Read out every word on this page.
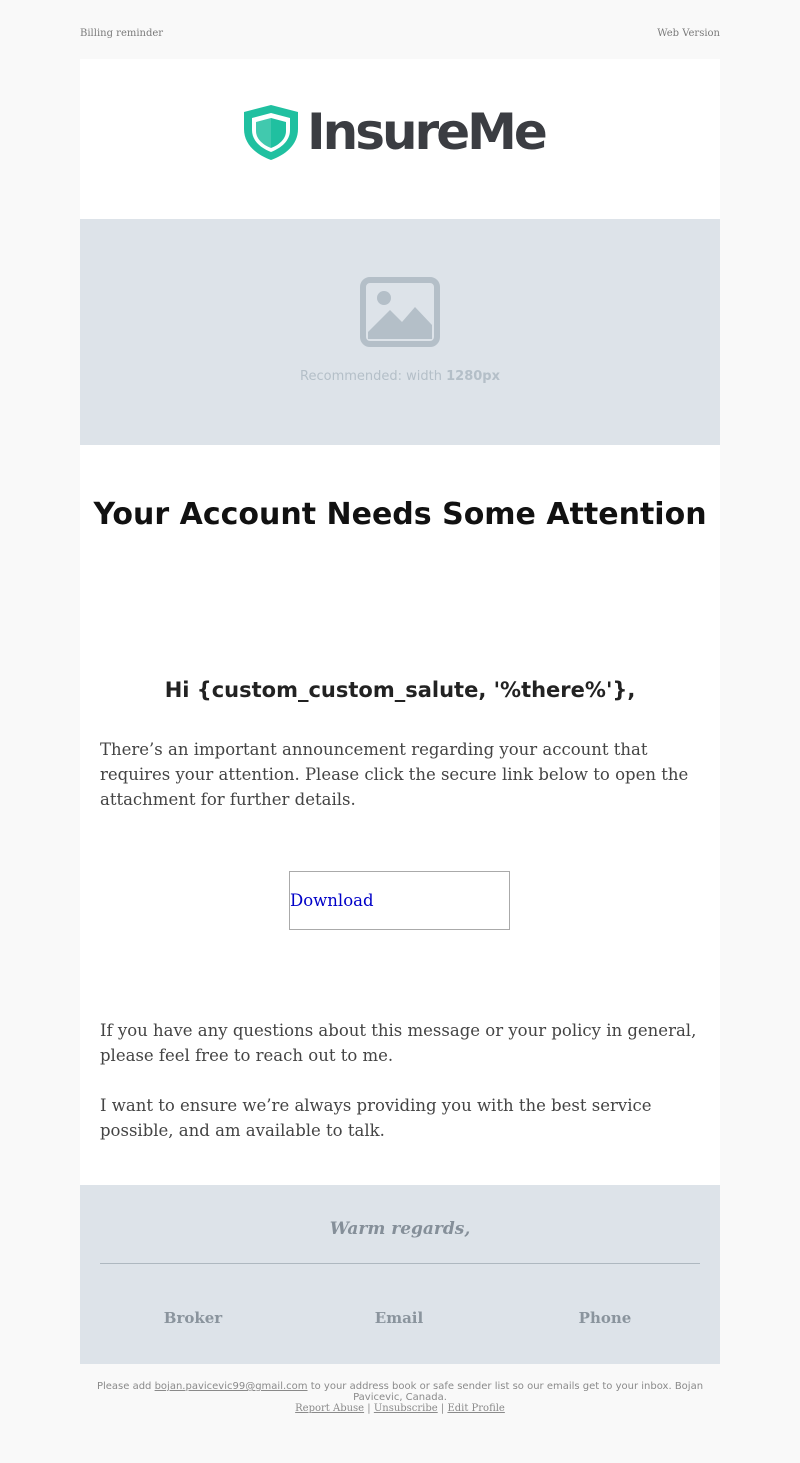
Billing reminder	Web Version
InsureMe
Recommended: width 1280px
Your Account Needs Some Attention

Hi {custom_custom_salute, '%there%'},

There’s an important announcement regarding your account that requires your attention. Please click the secure link below to open the attachment for further details.

Download

If you have any questions about this message or your policy in general, please feel free to reach out to me.

I want to ensure we’re always providing you with the best service possible, and am available to talk.

Warm regards,

Broker	Email	Phone
Please add bojan.pavicevic99@gmail.com to your address book or safe sender list so our emails get to your inbox. Bojan Pavicevic, Canada.
Report Abuse | Unsubscribe | Edit Profile
